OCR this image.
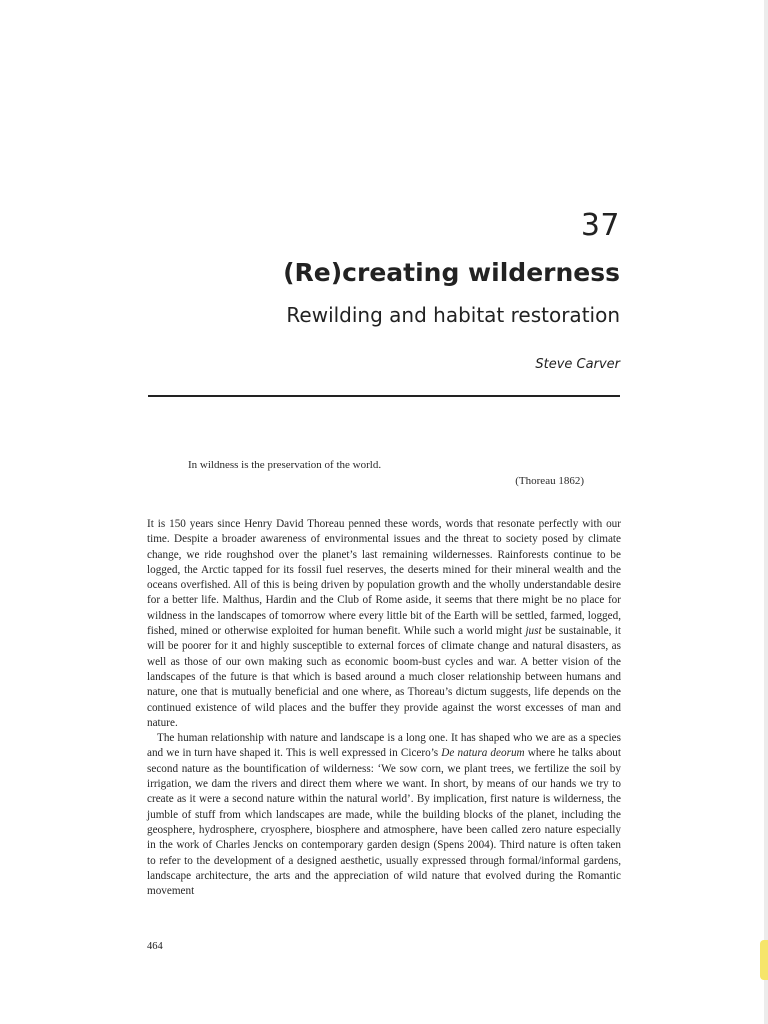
37
(Re)creating wilderness
Rewilding and habitat restoration
Steve Carver
In wildness is the preservation of the world.
(Thoreau 1862)

It is 150 years since Henry David Thoreau penned these words, words that resonate perfectly with our time. Despite a broader awareness of environmental issues and the threat to society posed by climate change, we ride roughshod over the planet’s last remaining wildernesses. Rainforests continue to be logged, the Arctic tapped for its fossil fuel reserves, the deserts mined for their mineral wealth and the oceans overfished. All of this is being driven by population growth and the wholly understandable desire for a better life. Malthus, Hardin and the Club of Rome aside, it seems that there might be no place for wildness in the landscapes of tomorrow where every little bit of the Earth will be settled, farmed, logged, fished, mined or otherwise exploited for human benefit. While such a world might just be sustainable, it will be poorer for it and highly susceptible to external forces of climate change and natural disasters, as well as those of our own making such as economic boom-bust cycles and war. A better vision of the landscapes of the future is that which is based around a much closer relationship between humans and nature, one that is mutually beneficial and one where, as Thoreau’s dictum suggests, life depends on the continued existence of wild places and the buffer they provide against the worst excesses of man and nature.

The human relationship with nature and landscape is a long one. It has shaped who we are as a species and we in turn have shaped it. This is well expressed in Cicero’s De natura deorum where he talks about second nature as the bountification of wilderness: ‘We sow corn, we plant trees, we fertilize the soil by irrigation, we dam the rivers and direct them where we want. In short, by means of our hands we try to create as it were a second nature within the natural world’. By implication, first nature is wilderness, the jumble of stuff from which landscapes are made, while the building blocks of the planet, including the geosphere, hydrosphere, cryosphere, biosphere and atmosphere, have been called zero nature especially in the work of Charles Jencks on contemporary garden design (Spens 2004). Third nature is often taken to refer to the development of a designed aesthetic, usually expressed through formal/informal gardens, landscape architecture, the arts and the appreciation of wild nature that evolved during the Romantic movement

464
